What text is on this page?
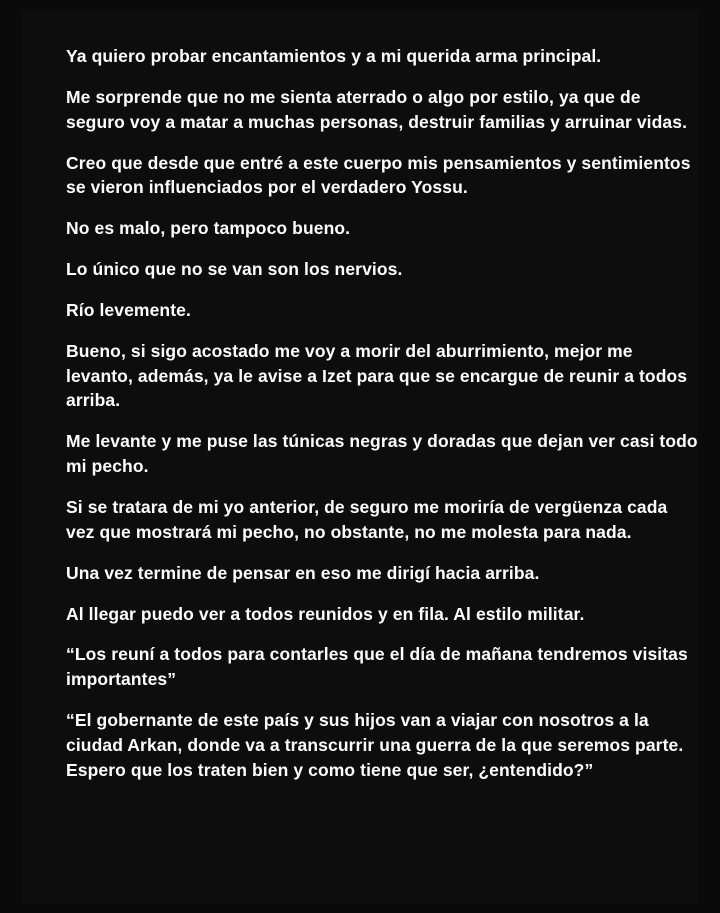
Ya quiero probar encantamientos y a mi querida arma principal.

Me sorprende que no me sienta aterrado o algo por estilo, ya que de seguro voy a matar a muchas personas, destruir familias y arruinar vidas.

Creo que desde que entré a este cuerpo mis pensamientos y sentimientos se vieron influenciados por el verdadero Yossu.

No es malo, pero tampoco bueno.

Lo único que no se van son los nervios.

Río levemente.

Bueno, si sigo acostado me voy a morir del aburrimiento, mejor me levanto, además, ya le avise a Izet para que se encargue de reunir a todos arriba.

Me levante y me puse las túnicas negras y doradas que dejan ver casi todo mi pecho.

Si se tratara de mi yo anterior, de seguro me moriría de vergüenza cada vez que mostrará mi pecho, no obstante, no me molesta para nada.

Una vez termine de pensar en eso me dirigí hacia arriba.

Al llegar puedo ver a todos reunidos y en fila. Al estilo militar.

“Los reuní a todos para contarles que el día de mañana tendremos visitas importantes”

“El gobernante de este país y sus hijos van a viajar con nosotros a la ciudad Arkan, donde va a transcurrir una guerra de la que seremos parte. Espero que los traten bien y como tiene que ser, ¿entendido?”
